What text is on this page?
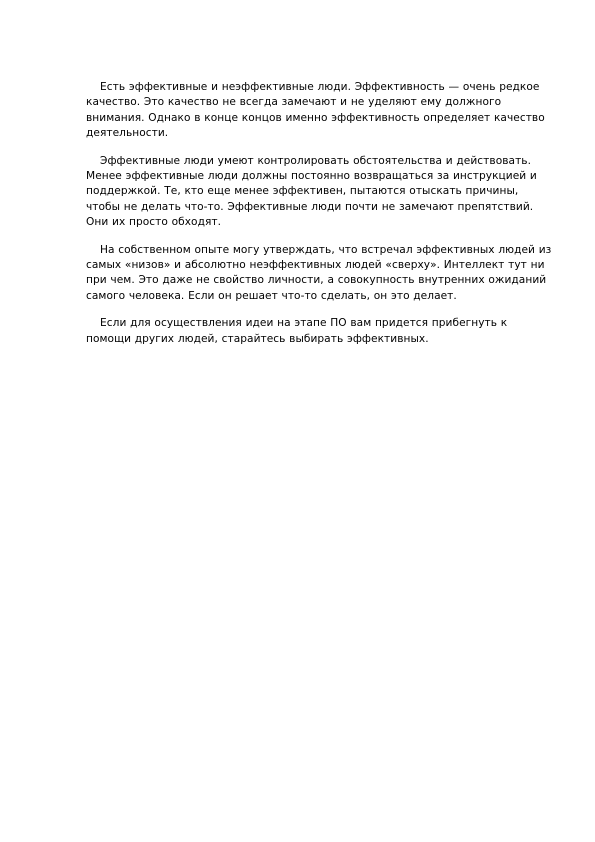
Есть эффективные и неэффективные люди. Эффективность — очень редкое качество. Это качество не всегда замечают и не уделяют ему должного внимания. Однако в конце концов именно эффективность определяет качество деятельности.

Эффективные люди умеют контролировать обстоятельства и действовать. Менее эффективные люди должны постоянно возвращаться за инструкцией и поддержкой. Те, кто еще менее эффективен, пытаются отыскать причины, чтобы не делать что-то. Эффективные люди почти не замечают препятствий. Они их просто обходят.

На собственном опыте могу утверждать, что встречал эффективных людей из самых «низов» и абсолютно неэффективных людей «сверху». Интеллект тут ни при чем. Это даже не свойство личности, а совокупность внутренних ожиданий самого человека. Если он решает что-то сделать, он это делает.

Если для осуществления идеи на этапе ПО вам придется прибегнуть к помощи других людей, старайтесь выбирать эффективных.
